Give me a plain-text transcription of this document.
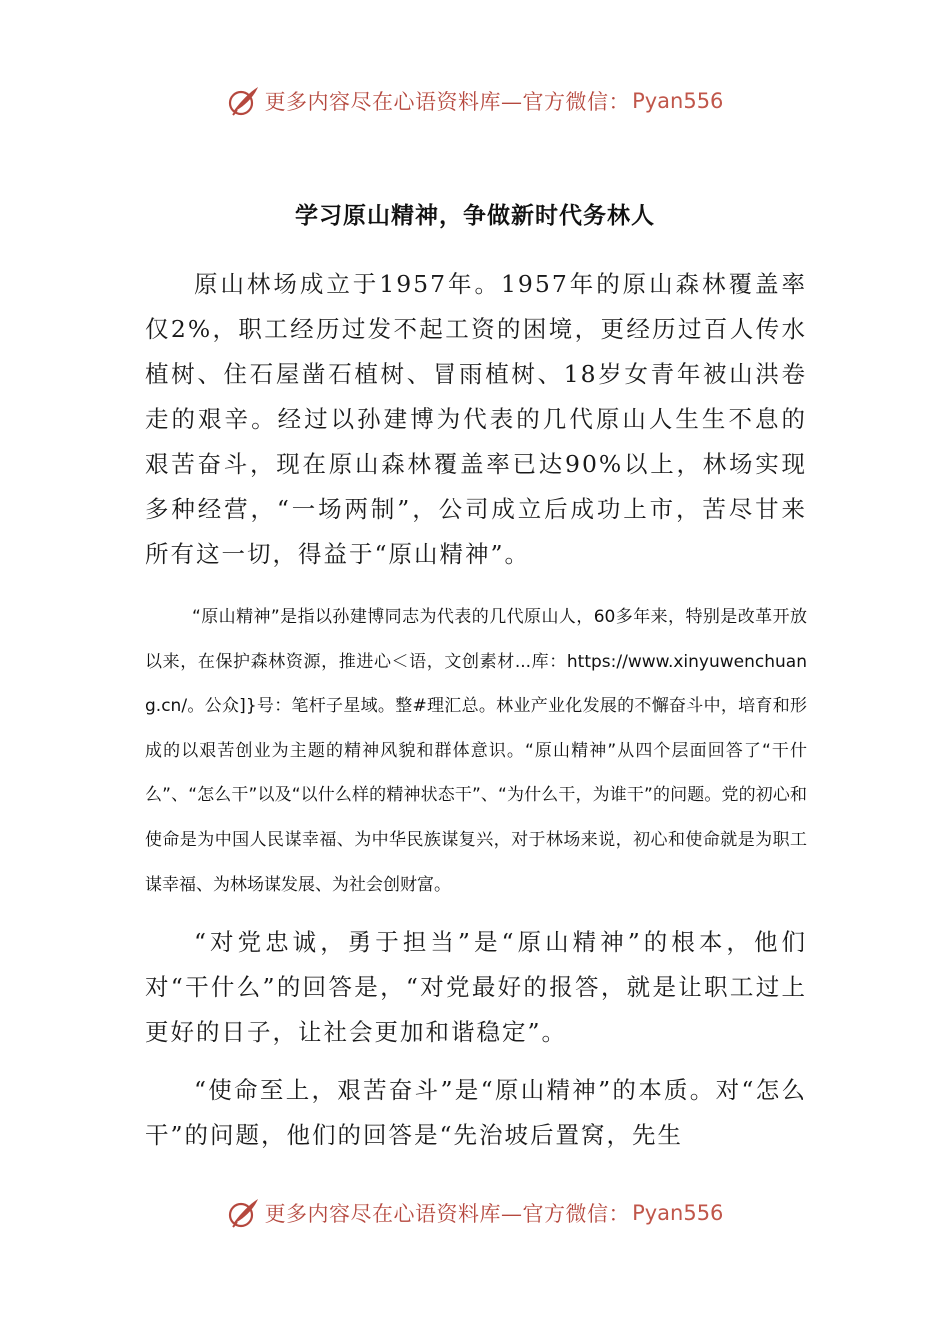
更多内容尽在心语资料库—官方微信： Pyan556
学习原山精神，争做新时代务林人

原山林场成立于1957年。1957年的原山森林覆盖率仅2%，职工经历过发不起工资的困境，更经历过百人传水植树、住石屋凿石植树、冒雨植树、18岁女青年被山洪卷走的艰辛。经过以孙建博为代表的几代原山人生生不息的艰苦奋斗，现在原山森林覆盖率已达90%以上，林场实现多种经营，“一场两制”，公司成立后成功上市，苦尽甘来所有这一切，得益于“原山精神”。

“原山精神”是指以孙建博同志为代表的几代原山人，60多年来，特别是改革开放以来，在保护森林资源，推进心＜语，文创素材...库：https://www.xinyuwenchuang.cn/。公众]}号：笔杆子星域。整#理汇总。林业产业化发展的不懈奋斗中，培育和形成的以艰苦创业为主题的精神风貌和群体意识。“原山精神”从四个层面回答了“干什么”、“怎么干”以及“以什么样的精神状态干”、“为什么干，为谁干”的问题。党的初心和使命是为中国人民谋幸福、为中华民族谋复兴，对于林场来说，初心和使命就是为职工谋幸福、为林场谋发展、为社会创财富。

“对党忠诚，勇于担当”是“原山精神”的根本，他们对“干什么”的回答是，“对党最好的报答，就是让职工过上更好的日子，让社会更加和谐稳定”。

“使命至上，艰苦奋斗”是“原山精神”的本质。对“怎么干”的问题，他们的回答是“先治坡后置窝，先生

更多内容尽在心语资料库—官方微信： Pyan556
